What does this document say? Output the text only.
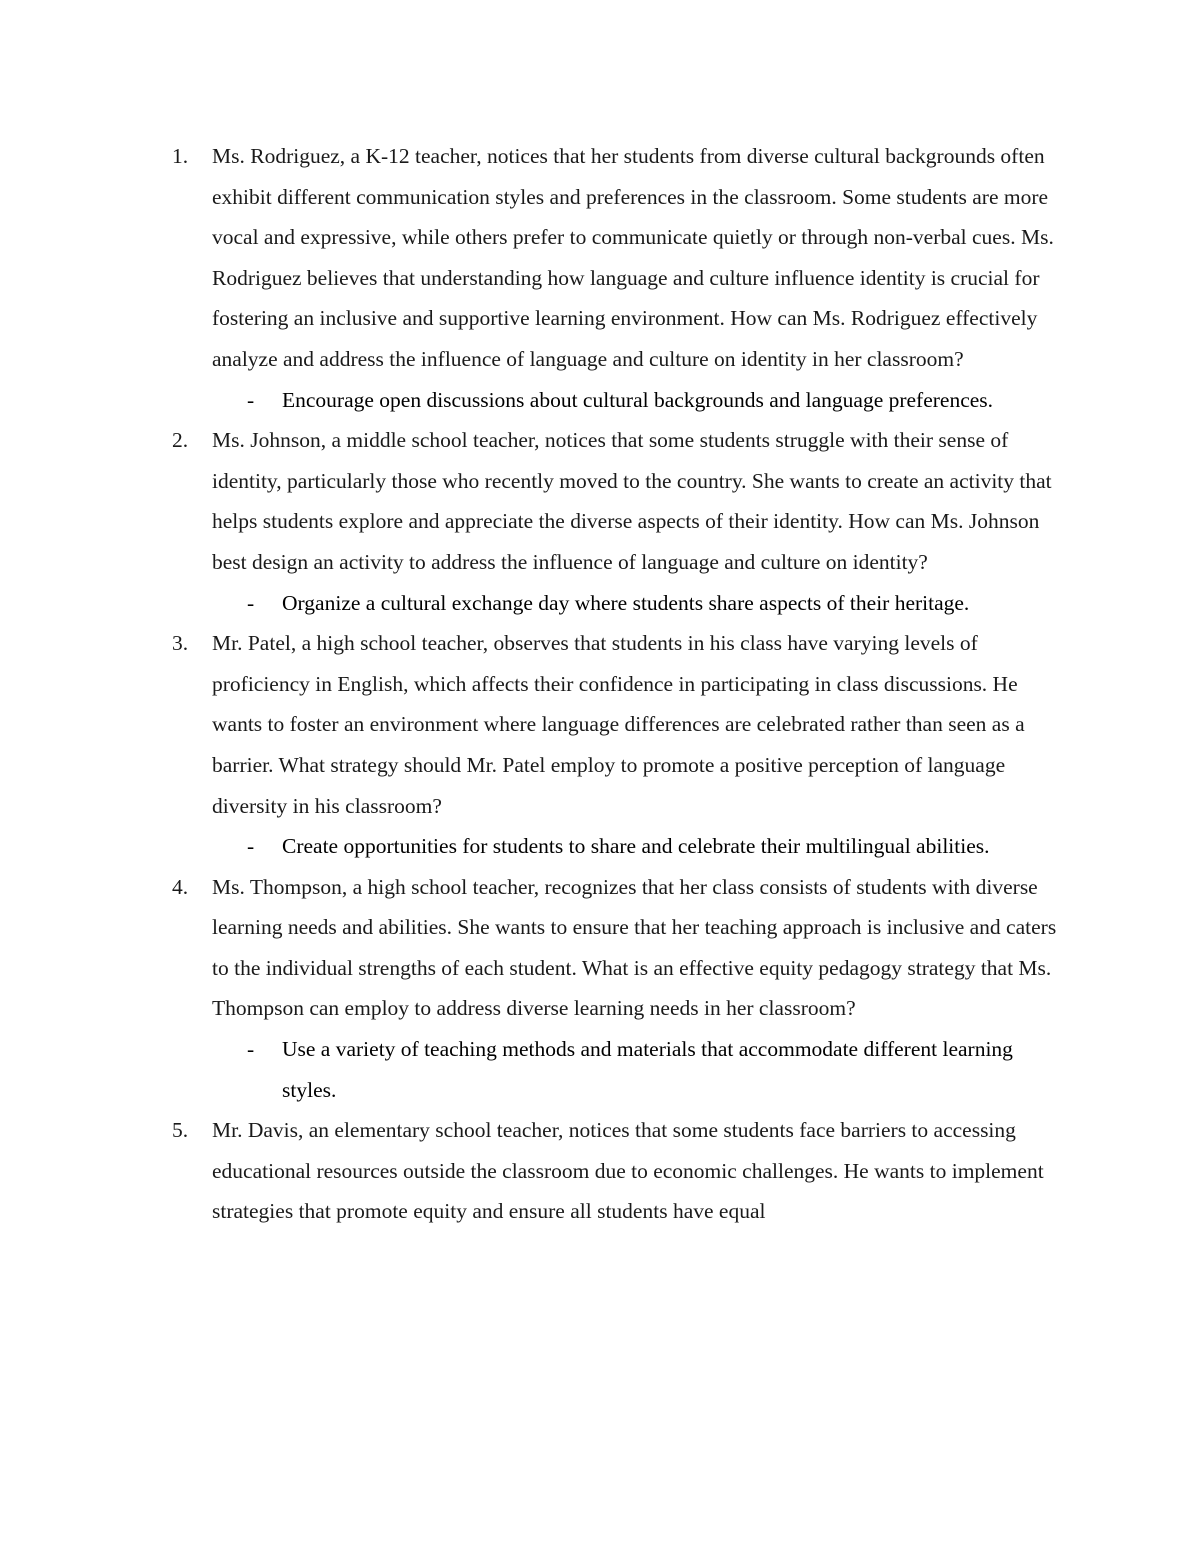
1.	Ms. Rodriguez, a K-12 teacher, notices that her students from diverse cultural backgrounds often exhibit different communication styles and preferences in the classroom. Some students are more vocal and expressive, while others prefer to communicate quietly or through non-verbal cues. Ms. Rodriguez believes that understanding how language and culture influence identity is crucial for fostering an inclusive and supportive learning environment. How can Ms. Rodriguez effectively analyze and address the influence of language and culture on identity in her classroom?
- Encourage open discussions about cultural backgrounds and language preferences.
2.	Ms. Johnson, a middle school teacher, notices that some students struggle with their sense of identity, particularly those who recently moved to the country. She wants to create an activity that helps students explore and appreciate the diverse aspects of their identity. How can Ms. Johnson best design an activity to address the influence of language and culture on identity?
- Organize a cultural exchange day where students share aspects of their heritage.
3.	Mr. Patel, a high school teacher, observes that students in his class have varying levels of proficiency in English, which affects their confidence in participating in class discussions. He wants to foster an environment where language differences are celebrated rather than seen as a barrier. What strategy should Mr. Patel employ to promote a positive perception of language diversity in his classroom?
- Create opportunities for students to share and celebrate their multilingual abilities.
4.	Ms. Thompson, a high school teacher, recognizes that her class consists of students with diverse learning needs and abilities. She wants to ensure that her teaching approach is inclusive and caters to the individual strengths of each student. What is an effective equity pedagogy strategy that Ms. Thompson can employ to address diverse learning needs in her classroom?
- Use a variety of teaching methods and materials that accommodate different learning styles.
5.	Mr. Davis, an elementary school teacher, notices that some students face barriers to accessing educational resources outside the classroom due to economic challenges. He wants to implement strategies that promote equity and ensure all students have equal
